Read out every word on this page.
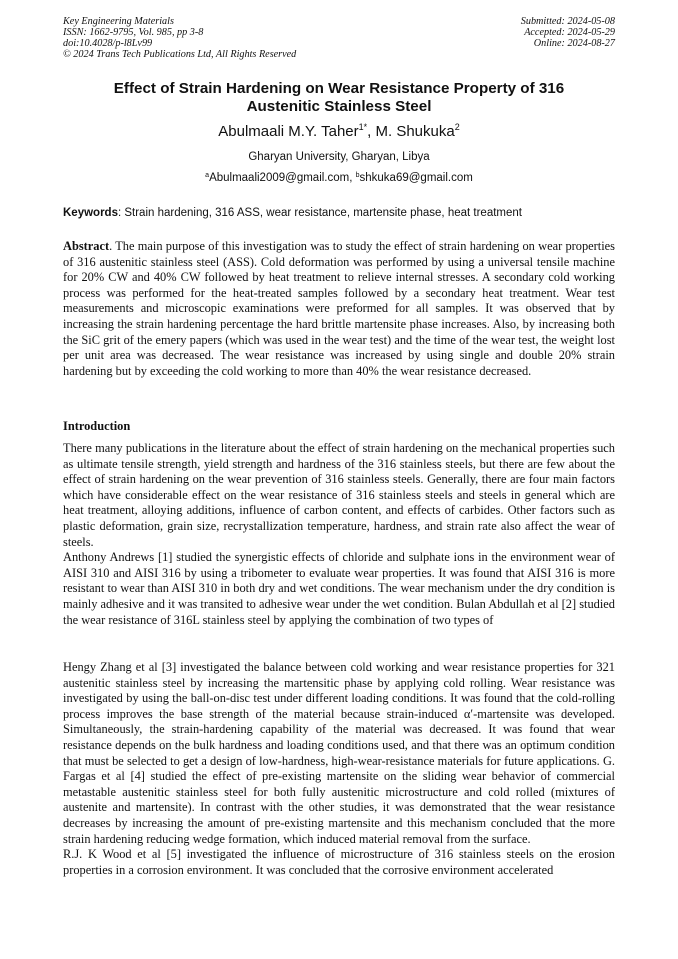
Key Engineering Materials
ISSN: 1662-9795, Vol. 985, pp 3-8
doi:10.4028/p-l8Lv99
© 2024 Trans Tech Publications Ltd, All Rights Reserved
Submitted: 2024-05-08
Accepted: 2024-05-29
Online: 2024-08-27
Effect of Strain Hardening on Wear Resistance Property of 316
Austenitic Stainless Steel
Abulmaali M.Y. Taher$^{1*}$, M. Shukuka$^2$
Gharyan University, Gharyan, Libya
$^a$Abulmaali2009@gmail.com, $^b$shkuka69@gmail.com
Keywords: Strain hardening, 316 ASS, wear resistance, martensite phase, heat treatment

Abstract. The main purpose of this investigation was to study the effect of strain hardening on wear properties of 316 austenitic stainless steel (ASS). Cold deformation was performed by using a universal tensile machine for 20% CW and 40% CW followed by heat treatment to relieve internal stresses. A secondary cold working process was performed for the heat-treated samples followed by a secondary heat treatment. Wear test measurements and microscopic examinations were preformed for all samples. It was observed that by increasing the strain hardening percentage the hard brittle martensite phase increases. Also, by increasing both the SiC grit of the emery papers (which was used in the wear test) and the time of the wear test, the weight lost per unit area was decreased. The wear resistance was increased by using single and double 20% strain hardening but by exceeding the cold working to more than 40% the wear resistance decreased.

Introduction

There many publications in the literature about the effect of strain hardening on the mechanical properties such as ultimate tensile strength, yield strength and hardness of the 316 stainless steels, but there are few about the effect of strain hardening on the wear prevention of 316 stainless steels. Generally, there are four main factors which have considerable effect on the wear resistance of 316 stainless steels and steels in general which are heat treatment, alloying additions, influence of carbon content, and effects of carbides. Other factors such as plastic deformation, grain size, recrystallization temperature, hardness, and strain rate also affect the wear of steels.

Anthony Andrews [1] studied the synergistic effects of chloride and sulphate ions in the environment wear of AISI 310 and AISI 316 by using a tribometer to evaluate wear properties. It was found that AISI 316 is more resistant to wear than AISI 310 in both dry and wet conditions. The wear mechanism under the dry condition is mainly adhesive and it was transited to adhesive wear under the wet condition. Bulan Abdullah et al [2] studied the wear resistance of 316L stainless steel by applying the combination of two types of

Hengy Zhang et al [3] investigated the balance between cold working and wear resistance properties for 321 austenitic stainless steel by increasing the martensitic phase by applying cold rolling. Wear resistance was investigated by using the ball-on-disc test under different loading conditions. It was found that the cold-rolling process improves the base strength of the material because strain-induced α′-martensite was developed. Simultaneously, the strain-hardening capability of the material was decreased. It was found that wear resistance depends on the bulk hardness and loading conditions used, and that there was an optimum condition that must be selected to get a design of low-hardness, high-wear-resistance materials for future applications. G. Fargas et al [4] studied the effect of pre-existing martensite on the sliding wear behavior of commercial metastable austenitic stainless steel for both fully austenitic microstructure and cold rolled (mixtures of austenite and martensite). In contrast with the other studies, it was demonstrated that the wear resistance decreases by increasing the amount of pre-existing martensite and this mechanism concluded that the more strain hardening reducing wedge formation, which induced material removal from the surface.

R.J. K Wood et al [5] investigated the influence of microstructure of 316 stainless steels on the erosion properties in a corrosion environment. It was concluded that the corrosive environment accelerated
